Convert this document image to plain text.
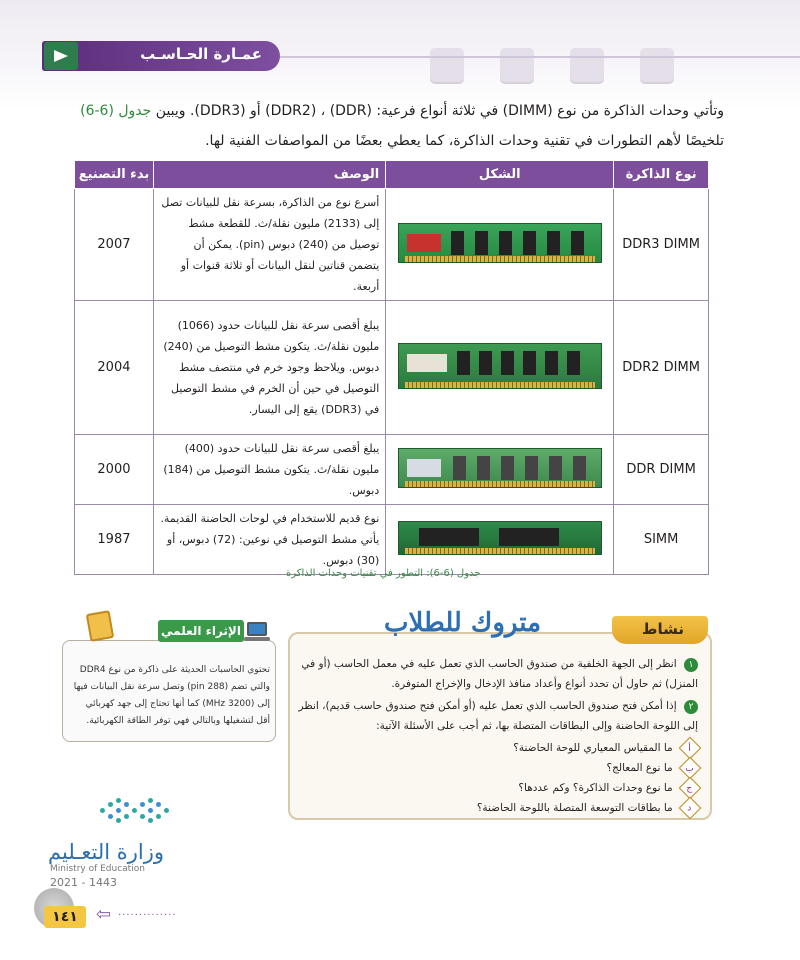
عمـارة الحـاسـب
وتأتي وحدات الذاكرة من نوع (DIMM) في ثلاثة أنواع فرعية: (DDR) ، (DDR2) أو (DDR3). ويبين جدول (6-6)
تلخيصًا لأهم التطورات في تقنية وحدات الذاكرة، كما يعطي بعضًا من المواصفات الفنية لها.
نوع الذاكرة	الشكل	الوصف	بدء التصنيع
DDR3 DIMM		أسرع نوع من الذاكرة، بسرعة نقل للبيانات تصل إلى (2133) مليون نقلة/ث. للقطعة مشط توصيل من (240) دبوس (pin). يمكن أن يتضمن قناتين لنقل البيانات أو ثلاثة قنوات أو أربعة.	2007
DDR2 DIMM		يبلغ أقصى سرعة نقل للبيانات حدود (1066) مليون نقلة/ث. يتكون مشط التوصيل من (240) دبوس. ويلاحظ وجود خرم في منتصف مشط التوصيل في حين أن الخرم في مشط التوصيل في (DDR3) يقع إلى اليسار.	2004
DDR DIMM		يبلغ أقصى سرعة نقل للبيانات حدود (400) مليون نقلة/ث. يتكون مشط التوصيل من (184) دبوس.	2000
SIMM		نوع قديم للاستخدام في لوحات الحاضنة القديمة. يأتي مشط التوصيل في نوعين: (72) دبوس، أو (30) دبوس.	1987
جدول (6-6): التطور في تقنيات وحدات الذاكرة
الإثراء العلمي
تحتوي الحاسبات الحديثة على ذاكرة من نوع DDR4 والتي تضم (288 pin) وتصل سرعة نقل البيانات فيها إلى (3200 MHz) كما أنها تحتاج إلى جهد كهربائي أقل لتشغيلها وبالتالي فهي توفر الطاقة الكهربائية.
١ انظر إلى الجهة الخلفية من صندوق الحاسب الذي تعمل عليه في معمل الحاسب (أو في المنزل) ثم حاول أن تحدد أنواع وأعداد منافذ الإدخال والإخراج المتوفرة.
٢ إذا أمكن فتح صندوق الحاسب الذي تعمل عليه (أو أمكن فتح صندوق حاسب قديم)، انظر إلى اللوحة الحاضنة وإلى البطاقات المتصلة بها، ثم أجب على الأسئلة الآتية:
أ ما المقياس المعياري للوحة الحاضنة؟
ب ما نوع المعالج؟
ج ما نوع وحدات الذاكرة؟ وكم عددها؟
د ما بطاقات التوسعة المتصلة باللوحة الحاضنة؟
نشاط
متروك للطلاب
وزارة التعـليم
Ministry of Education
2021 - 1443
١٤١	⇦ ··············
